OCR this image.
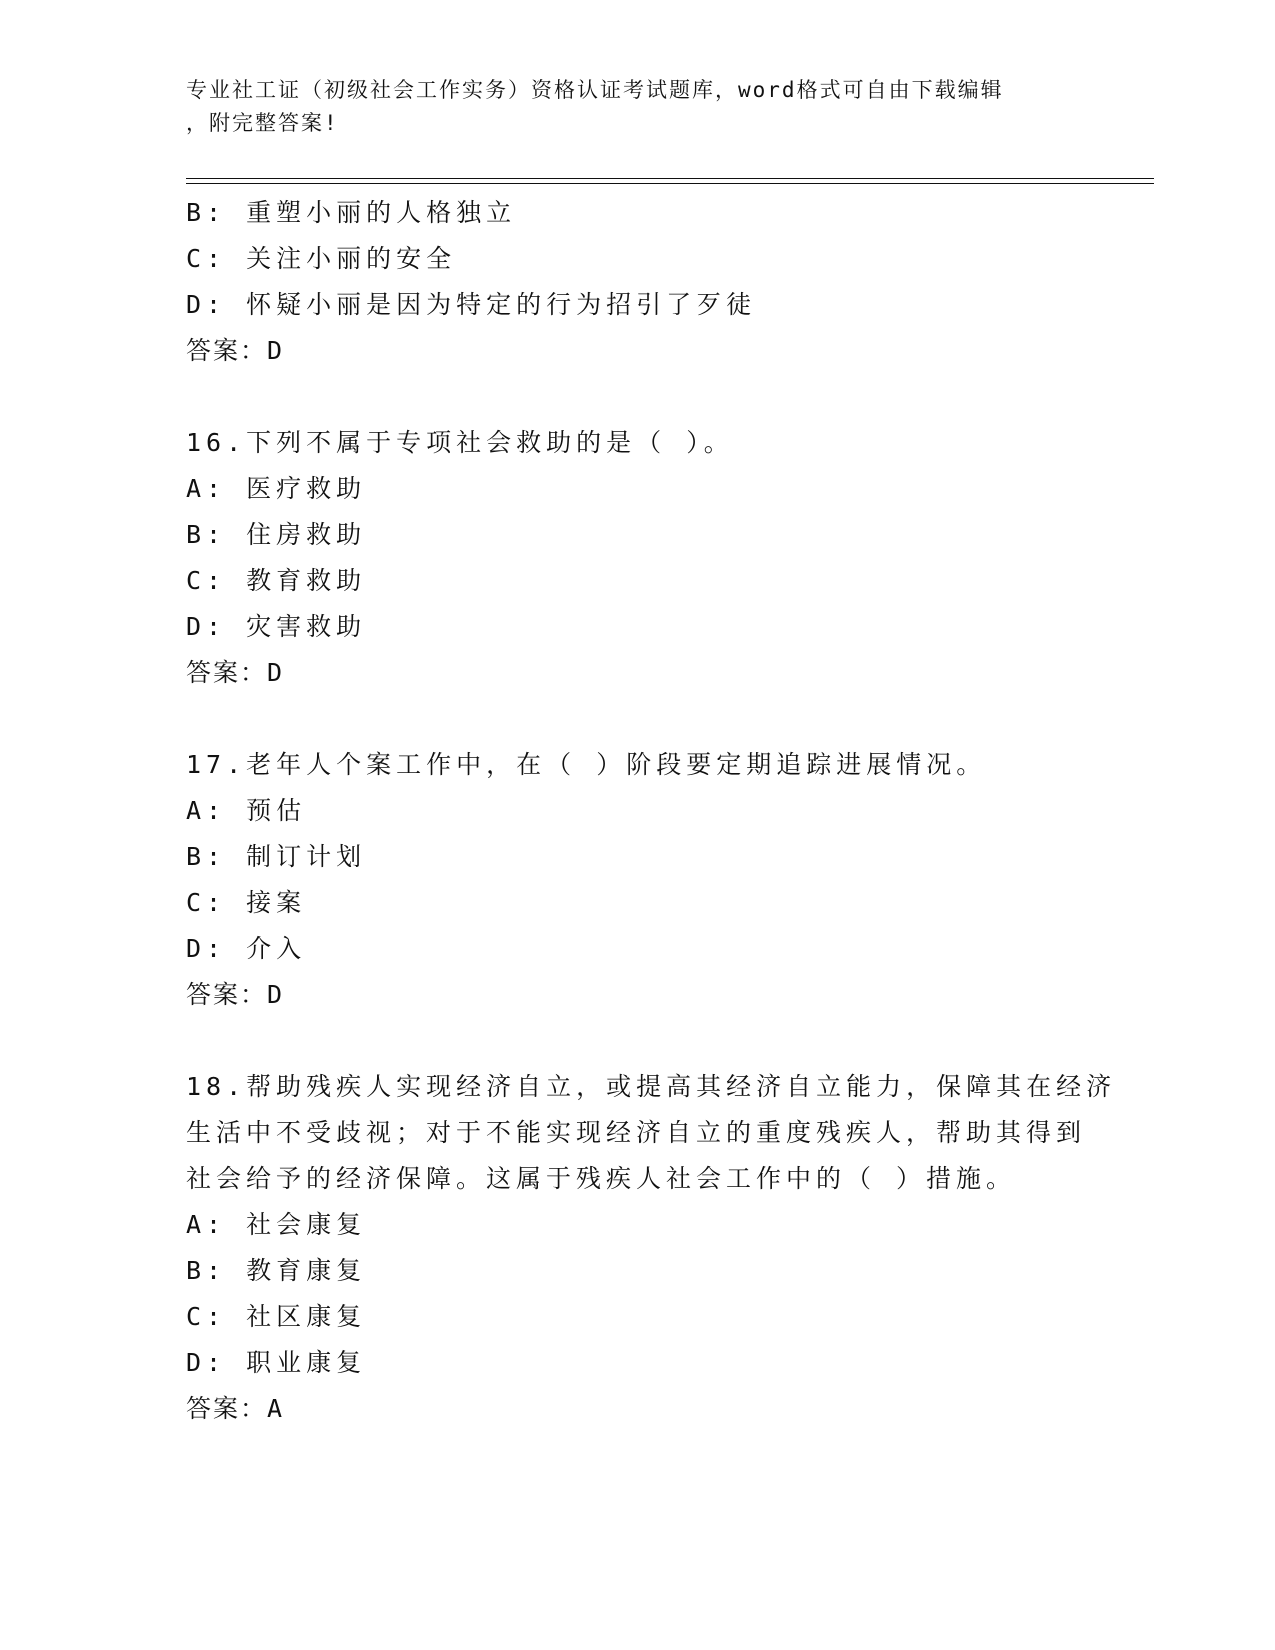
专业社工证（初级社会工作实务）资格认证考试题库，word格式可自由下载编辑
，附完整答案!
B: 重塑小丽的人格独立
C: 关注小丽的安全
D: 怀疑小丽是因为特定的行为招引了歹徒
答案：D
16.下列不属于专项社会救助的是（ ）。
A: 医疗救助
B: 住房救助
C: 教育救助
D: 灾害救助
答案：D
17.老年人个案工作中，在（ ）阶段要定期追踪进展情况。
A: 预估
B: 制订计划
C: 接案
D: 介入
答案：D
18.帮助残疾人实现经济自立，或提高其经济自立能力，保障其在经济
生活中不受歧视；对于不能实现经济自立的重度残疾人，帮助其得到
社会给予的经济保障。这属于残疾人社会工作中的（ ）措施。
A: 社会康复
B: 教育康复
C: 社区康复
D: 职业康复
答案：A
